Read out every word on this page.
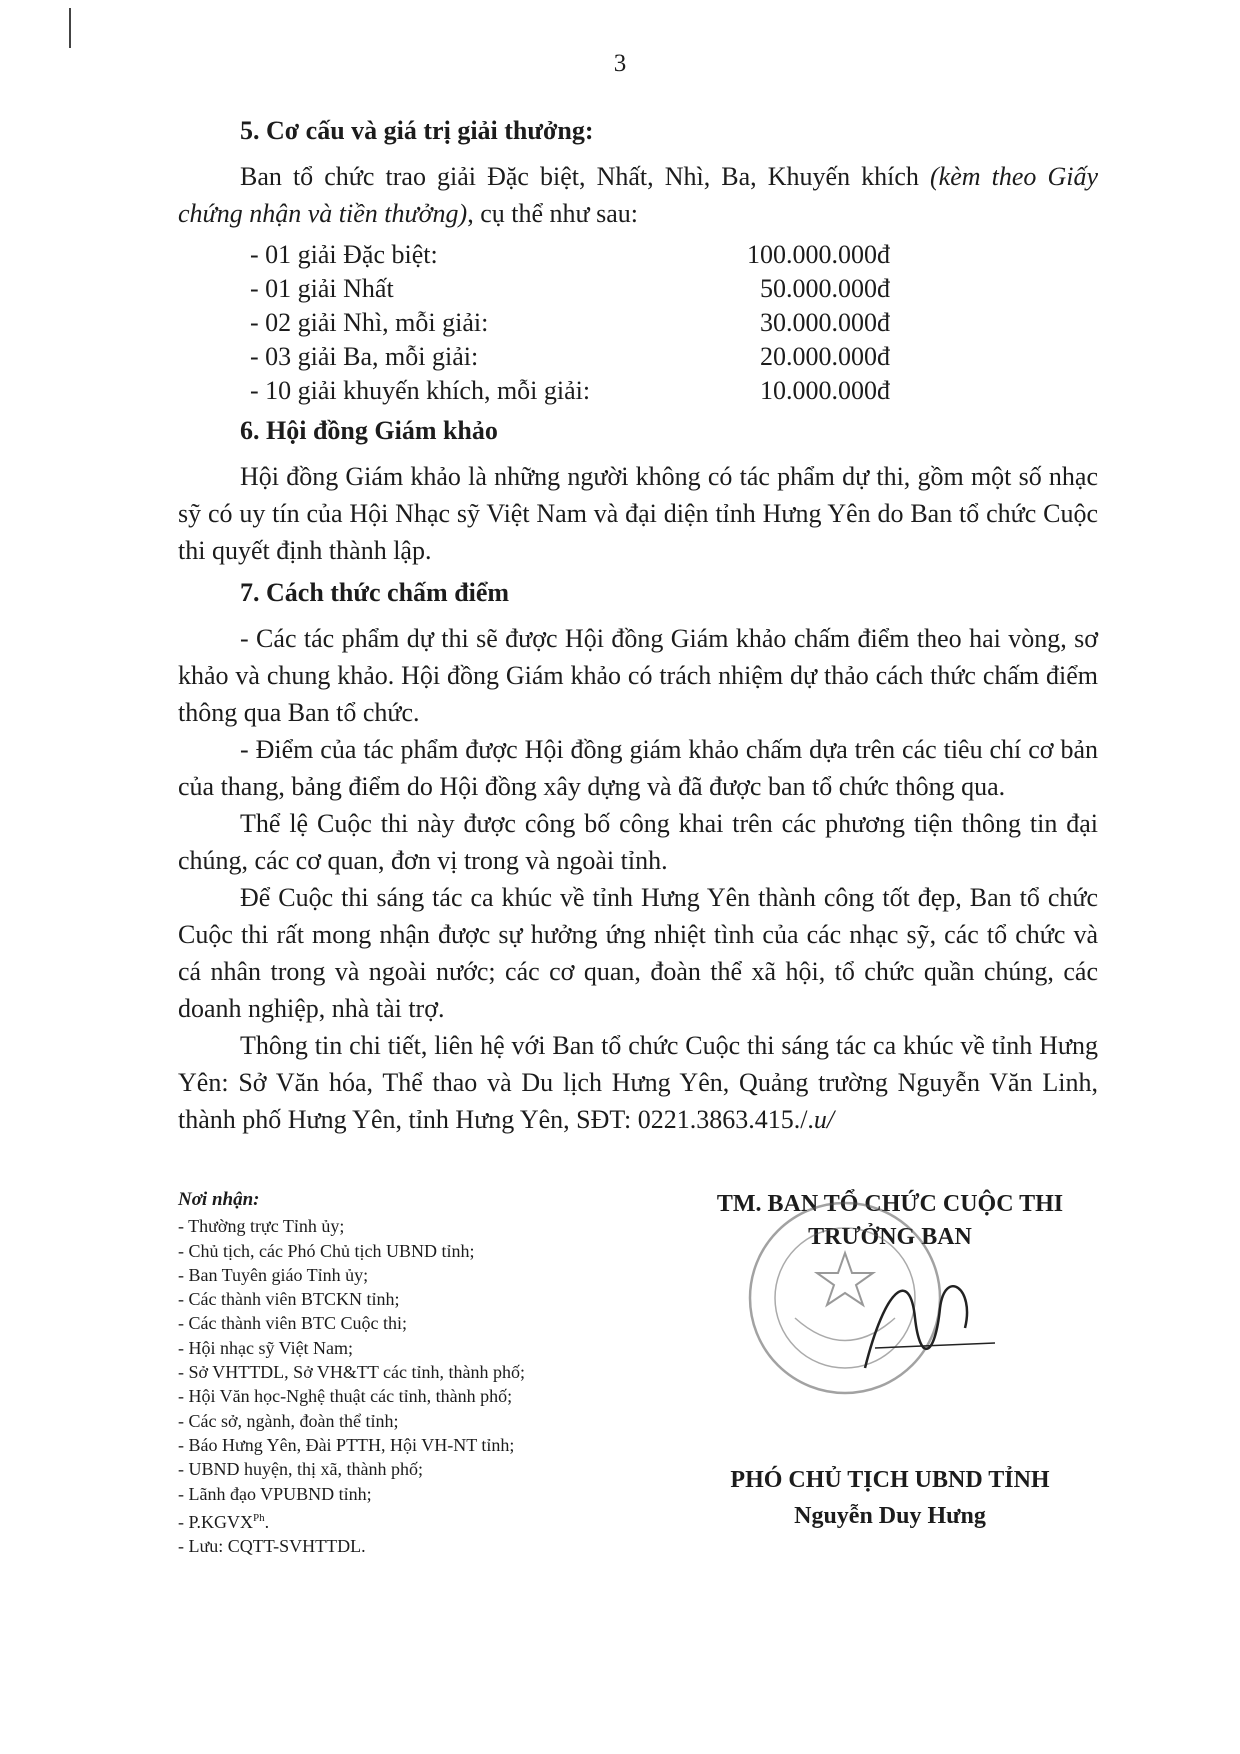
3
5. Cơ cấu và giá trị giải thưởng:

Ban tổ chức trao giải Đặc biệt, Nhất, Nhì, Ba, Khuyến khích (kèm theo Giấy chứng nhận và tiền thưởng), cụ thể như sau:

- 01 giải Đặc biệt:	100.000.000đ
- 01 giải Nhất	50.000.000đ
- 02 giải Nhì, mỗi giải:	30.000.000đ
- 03 giải Ba, mỗi giải:	20.000.000đ
- 10 giải khuyến khích, mỗi giải:	10.000.000đ
6. Hội đồng Giám khảo

Hội đồng Giám khảo là những người không có tác phẩm dự thi, gồm một số nhạc sỹ có uy tín của Hội Nhạc sỹ Việt Nam và đại diện tỉnh Hưng Yên do Ban tổ chức Cuộc thi quyết định thành lập.

7. Cách thức chấm điểm

- Các tác phẩm dự thi sẽ được Hội đồng Giám khảo chấm điểm theo hai vòng, sơ khảo và chung khảo. Hội đồng Giám khảo có trách nhiệm dự thảo cách thức chấm điểm thông qua Ban tổ chức.

- Điểm của tác phẩm được Hội đồng giám khảo chấm dựa trên các tiêu chí cơ bản của thang, bảng điểm do Hội đồng xây dựng và đã được ban tổ chức thông qua.

Thể lệ Cuộc thi này được công bố công khai trên các phương tiện thông tin đại chúng, các cơ quan, đơn vị trong và ngoài tỉnh.

Để Cuộc thi sáng tác ca khúc về tỉnh Hưng Yên thành công tốt đẹp, Ban tổ chức Cuộc thi rất mong nhận được sự hưởng ứng nhiệt tình của các nhạc sỹ, các tổ chức và cá nhân trong và ngoài nước; các cơ quan, đoàn thể xã hội, tổ chức quần chúng, các doanh nghiệp, nhà tài trợ.

Thông tin chi tiết, liên hệ với Ban tổ chức Cuộc thi sáng tác ca khúc về tỉnh Hưng Yên: Sở Văn hóa, Thể thao và Du lịch Hưng Yên, Quảng trường Nguyễn Văn Linh, thành phố Hưng Yên, tỉnh Hưng Yên, SĐT: 0221.3863.415./.u/

Nơi nhận:
- Thường trực Tỉnh ủy;
- Chủ tịch, các Phó Chủ tịch UBND tỉnh;
- Ban Tuyên giáo Tỉnh ủy;
- Các thành viên BTCKN tỉnh;
- Các thành viên BTC Cuộc thi;
- Hội nhạc sỹ Việt Nam;
- Sở VHTTDL, Sở VH&TT các tỉnh, thành phố;
- Hội Văn học-Nghệ thuật các tỉnh, thành phố;
- Các sở, ngành, đoàn thể tỉnh;
- Báo Hưng Yên, Đài PTTH, Hội VH-NT tỉnh;
- UBND huyện, thị xã, thành phố;
- Lãnh đạo VPUBND tỉnh;
- $P.KGVX^{Ph}$.
- Lưu: CQTT-SVHTTDL.
TM. BAN TỔ CHỨC CUỘC THI
TRƯỞNG BAN
PHÓ CHỦ TỊCH UBND TỈNH
Nguyễn Duy Hưng
